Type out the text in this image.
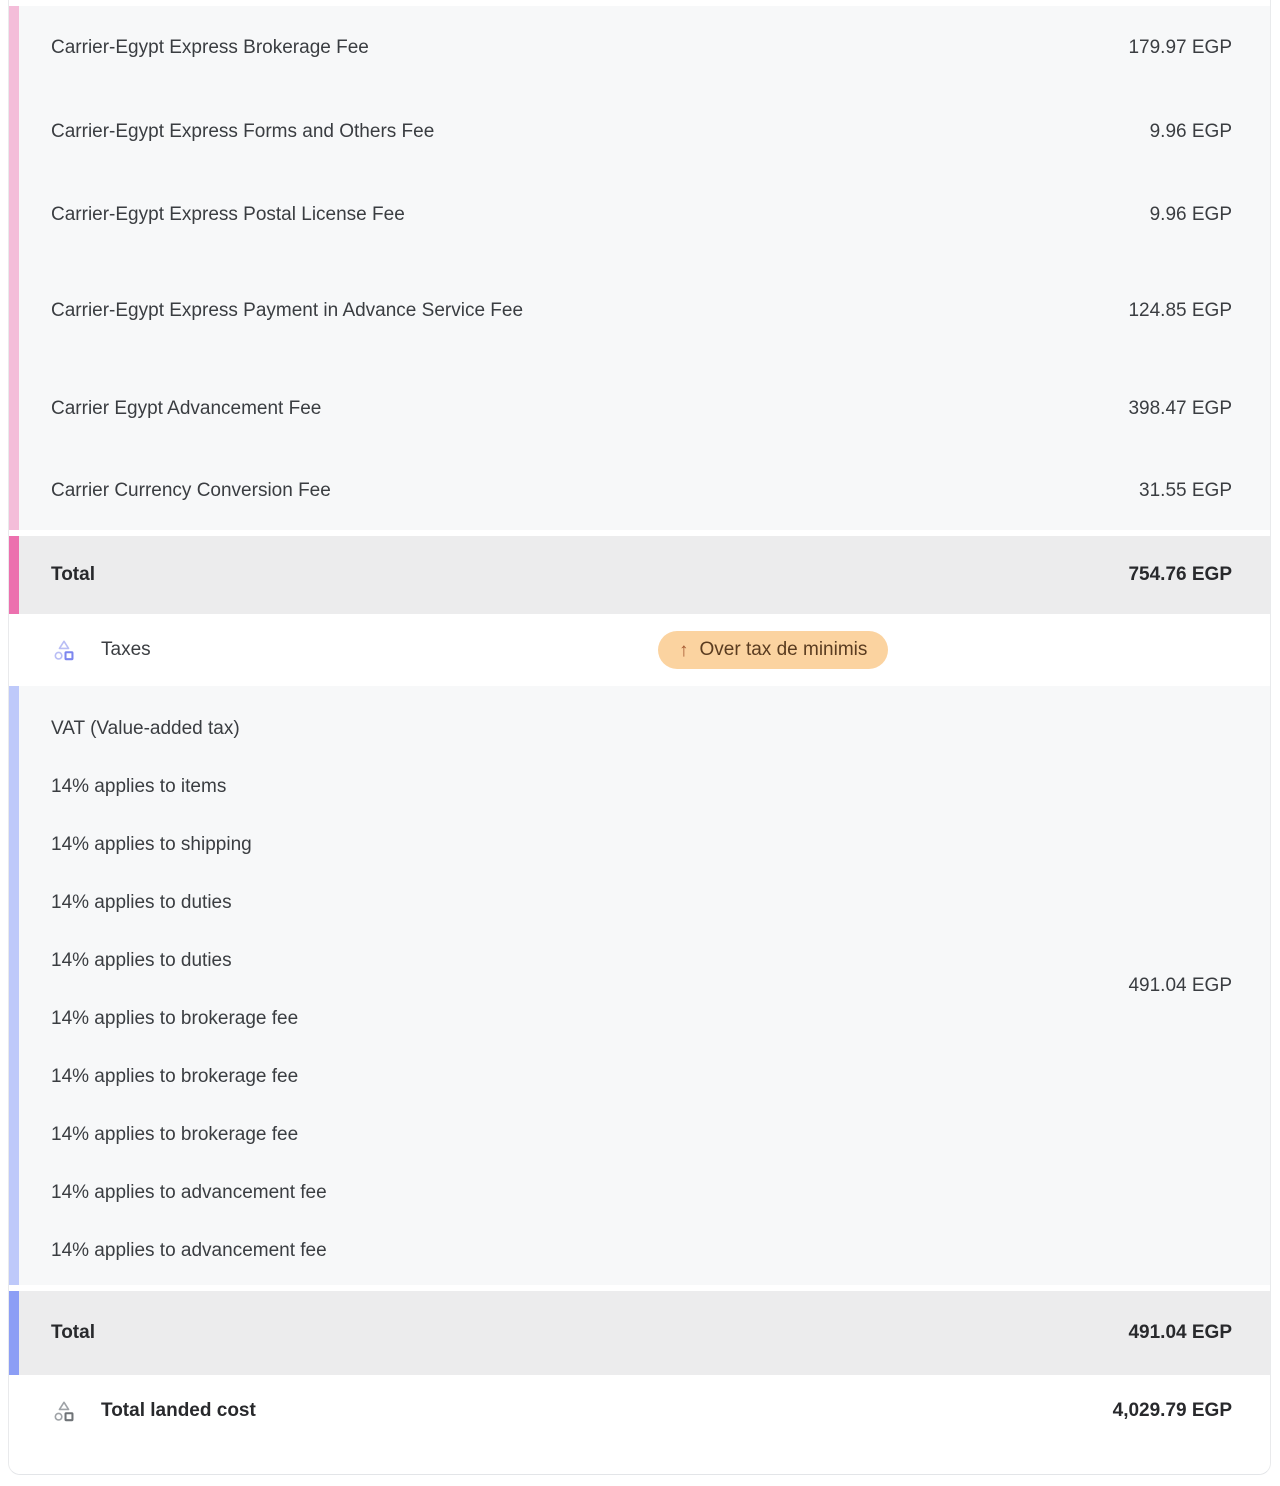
Carrier-Egypt Express Brokerage Fee	179.97 EGP
Carrier-Egypt Express Forms and Others Fee	9.96 EGP
Carrier-Egypt Express Postal License Fee	9.96 EGP
Carrier-Egypt Express Payment in Advance Service Fee	124.85 EGP
Carrier Egypt Advancement Fee	398.47 EGP
Carrier Currency Conversion Fee	31.55 EGP
Total	754.76 EGP
Taxes	↑ Over tax de minimis
VAT (Value-added tax)
14% applies to items
14% applies to shipping
14% applies to duties
14% applies to duties
14% applies to brokerage fee
14% applies to brokerage fee
14% applies to brokerage fee
14% applies to advancement fee
14% applies to advancement fee
491.04 EGP
Total	491.04 EGP
Total landed cost	4,029.79 EGP
